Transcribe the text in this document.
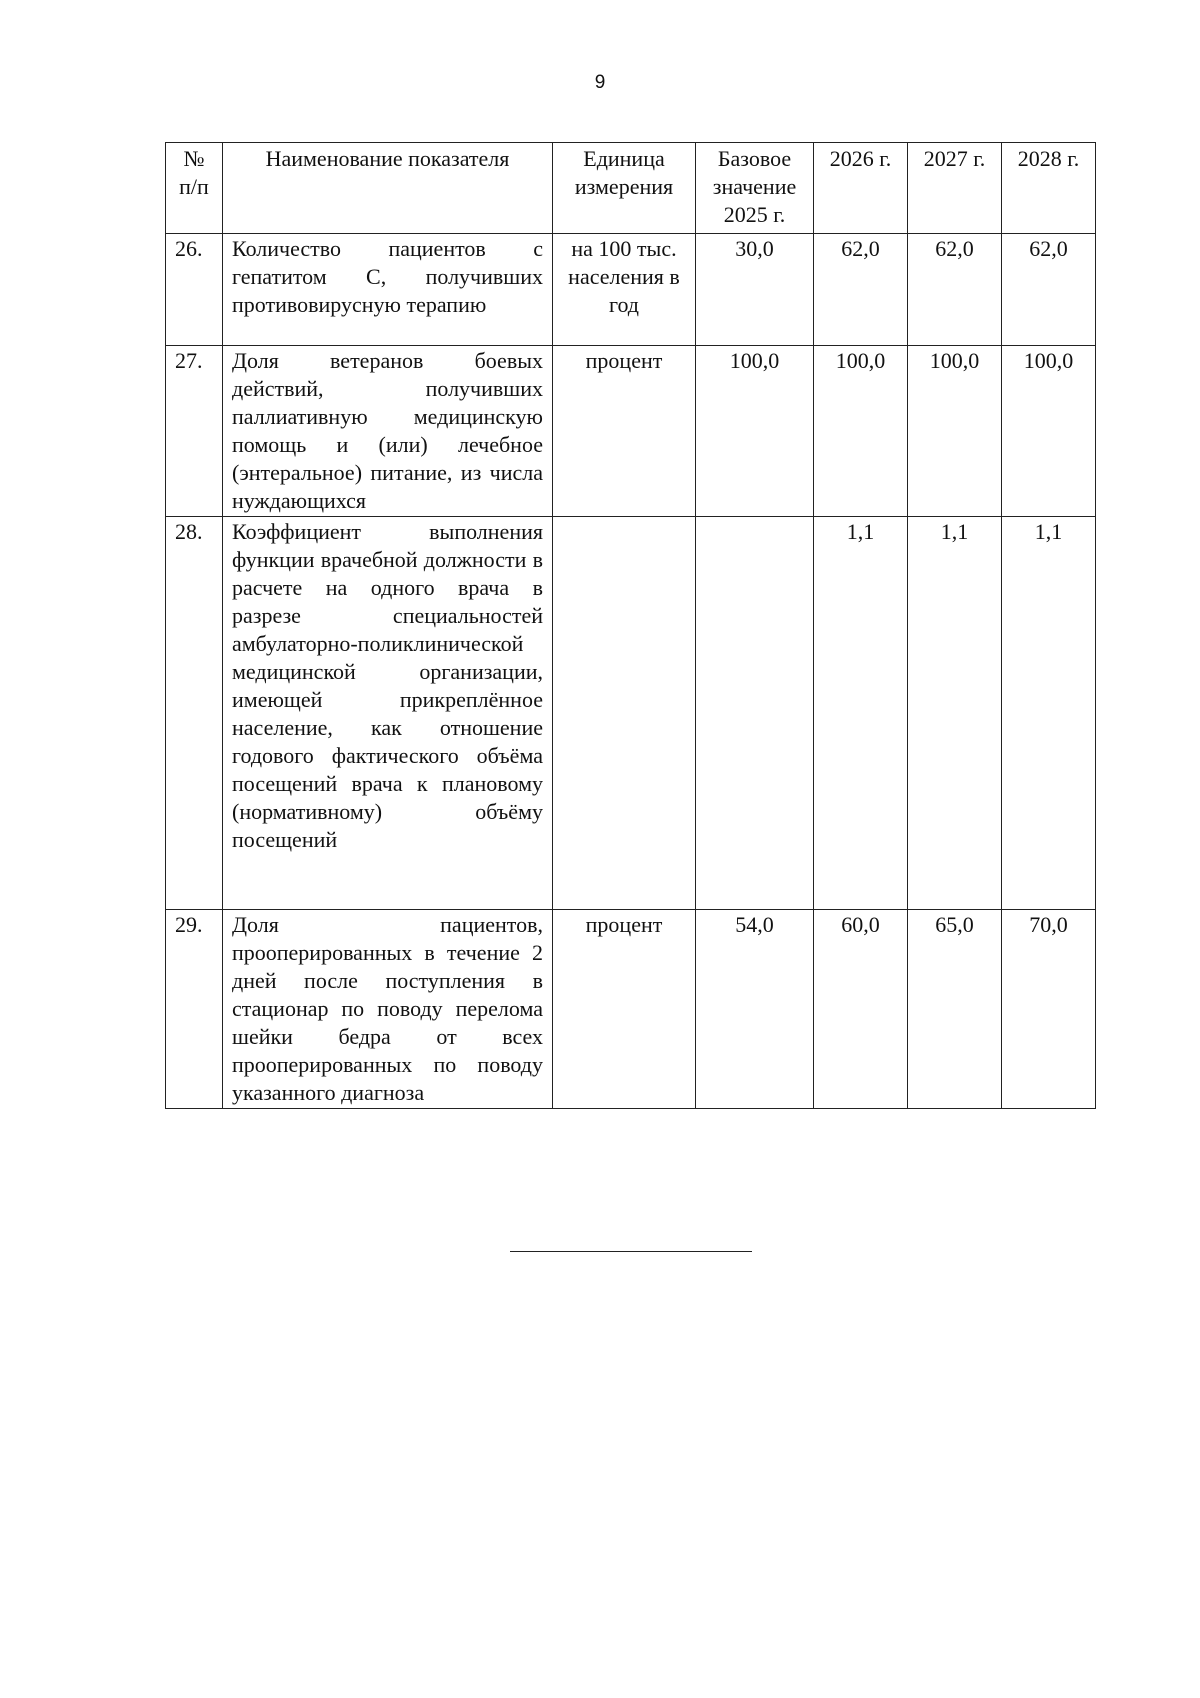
9
№ п/п	Наименование показателя	Единица измерения	Базовое значение 2025 г.	2026 г.	2027 г.	2028 г.
26.	Количество пациентов с гепатитом С, получивших противовирусную терапию	на 100 тыс. населения в год	30,0	62,0	62,0	62,0
27.	Доля ветеранов боевых действий, получивших паллиативную медицинскую помощь и (или) лечебное (энтеральное) питание, из числа нуждающихся	процент	100,0	100,0	100,0	100,0
28.	Коэффициент выполнения функции врачебной должности в расчете на одного врача в разрезе специальностей амбулаторно-поликлинической медицинской организации, имеющей прикреплённое население, как отношение годового фактического объёма посещений врача к плановому (нормативному) объёму посещений			1,1	1,1	1,1
29.	Доля пациентов, прооперированных в течение 2 дней после поступления в стационар по поводу перелома шейки бедра от всех прооперированных по поводу указанного диагноза	процент	54,0	60,0	65,0	70,0
